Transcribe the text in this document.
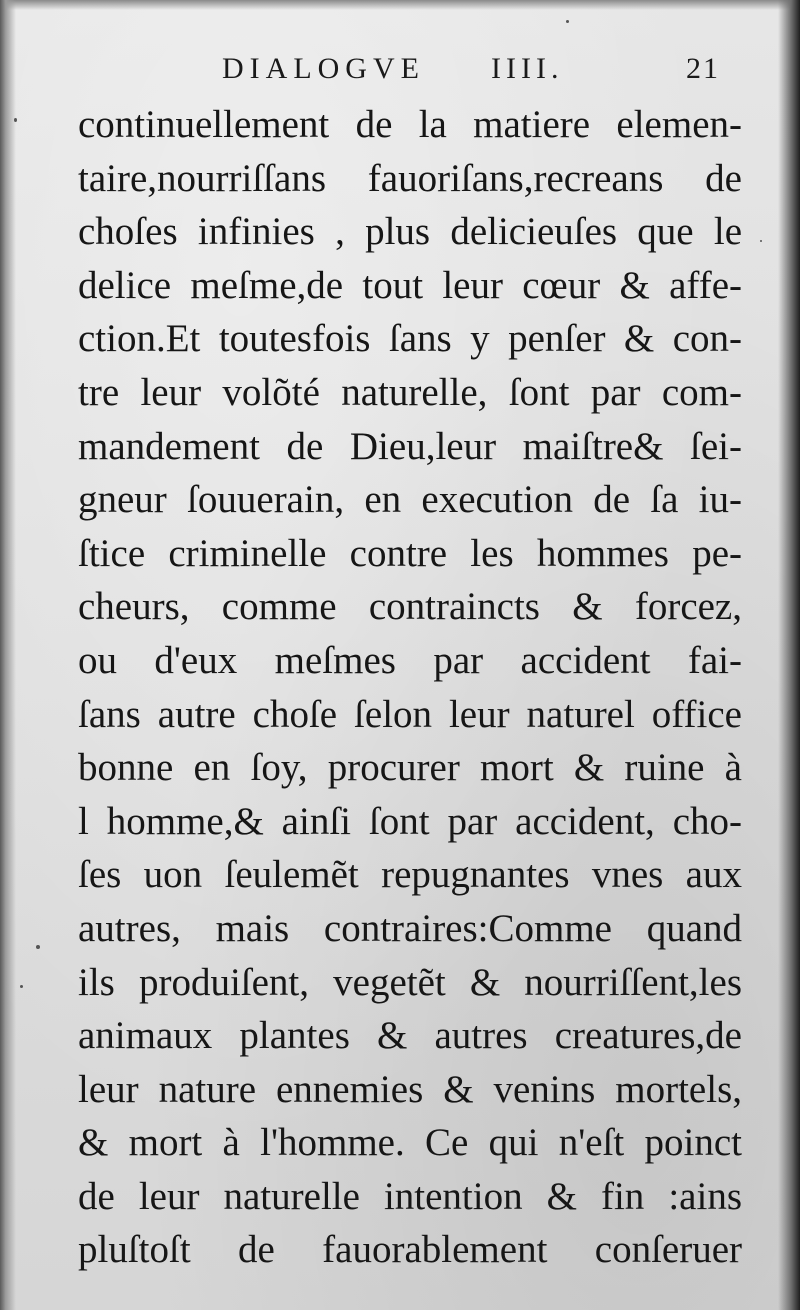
DIALOGVE IIII.	21
continuellement de la matiere elemen-
taire,nourriſſans fauoriſans,recreans de
choſes infinies , plus delicieuſes que le
delice meſme,de tout leur cœur & affe-
ction.Et toutesfois ſans y penſer & con-
tre leur volõté naturelle, ſont par com-
mandement de Dieu,leur maiſtre& ſei-
gneur ſouuerain, en execution de ſa iu-
ſtice criminelle contre les hommes pe-
cheurs, comme contraincts & forcez,
ou d'eux meſmes par accident fai-
ſans autre choſe ſelon leur naturel office
bonne en ſoy, procurer mort & ruine à
l homme,& ainſi ſont par accident, cho-
ſes uon ſeulemẽt repugnantes vnes aux
autres, mais contraires:Comme quand
ils produiſent, vegetẽt & nourriſſent,les
animaux plantes & autres creatures,de
leur nature ennemies & venins mortels,
& mort à l'homme. Ce qui n'eſt poinct
de leur naturelle intention & fin :ains
pluſtoſt de fauorablement conſeruer
